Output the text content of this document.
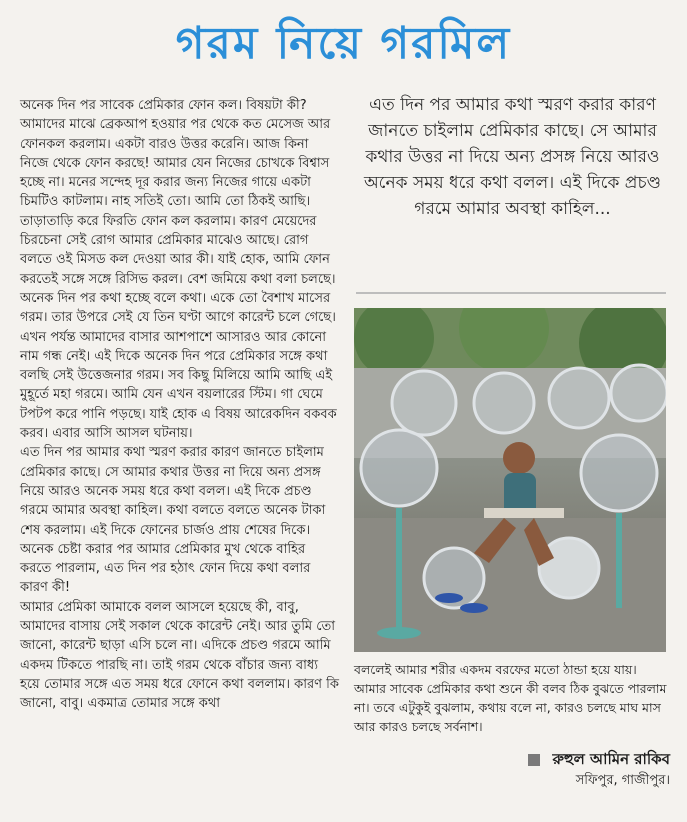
গরম নিয়ে গরমিল

অনেক দিন পর সাবেক প্রেমিকার ফোন কল। বিষয়টা কী? আমাদের মাঝে ব্রেকআপ হওয়ার পর থেকে কত মেসেজ আর ফোনকল করলাম। একটা বারও উত্তর করেনি। আজ কিনা নিজে থেকে ফোন করছে! আমার যেন নিজের চোখকে বিশ্বাস হচ্ছে না। মনের সন্দেহ দূর করার জন্য নিজের গায়ে একটা চিমটিও কাটলাম। নাহ সতিই তো। আমি তো ঠিকই আছি। তাড়াতাড়ি করে ফিরতি ফোন কল করলাম। কারণ মেয়েদের চিরচেনা সেই রোগ আমার প্রেমিকার মাঝেও আছে। রোগ বলতে ওই মিসড কল দেওয়া আর কী। যাই হোক, আমি ফোন করতেই সঙ্গে সঙ্গে রিসিভ করল। বেশ জমিয়ে কথা বলা চলছে। অনেক দিন পর কথা হচ্ছে বলে কথা। একে তো বৈশাখ মাসের গরম। তার উপরে সেই যে তিন ঘণ্টা আগে কারেন্ট চলে গেছে। এখন পর্যন্ত আমাদের বাসার আশপাশে আসারও আর কোনো নাম গন্ধ নেই। এই দিকে অনেক দিন পরে প্রেমিকার সঙ্গে কথা বলছি সেই উত্তেজনার গরম। সব কিছু মিলিয়ে আমি আছি এই মুহূর্তে মহা গরমে। আমি যেন এখন বয়লারের স্টিম। গা ঘেমে টপটপ করে পানি পড়ছে। যাই হোক এ বিষয় আরেকদিন বকবক করব। এবার আসি আসল ঘটনায়।

এত দিন পর আমার কথা স্মরণ করার কারণ জানতে চাইলাম প্রেমিকার কাছে। সে আমার কথার উত্তর না দিয়ে অন্য প্রসঙ্গ নিয়ে আরও অনেক সময় ধরে কথা বলল। এই দিকে প্রচণ্ড গরমে আমার অবস্থা কাহিল। কথা বলতে বলতে অনেক টাকা শেষ করলাম। এই দিকে ফোনের চার্জও প্রায় শেষের দিকে। অনেক চেষ্টা করার পর আমার প্রেমিকার মুখ থেকে বাহির করতে পারলাম, এত দিন পর হঠাৎ ফোন দিয়ে কথা বলার কারণ কী!

আমার প্রেমিকা আমাকে বলল আসলে হয়েছে কী, বাবু, আমাদের বাসায় সেই সকাল থেকে কারেন্ট নেই। আর তুমি তো জানো, কারেন্ট ছাড়া এসি চলে না। এদিকে প্রচণ্ড গরমে আমি একদম টিকতে পারছি না। তাই গরম থেকে বাঁচার জন্য বাধ্য হয়ে তোমার সঙ্গে এত সময় ধরে ফোনে কথা বললাম। কারণ কি জানো, বাবু। একমাত্র তোমার সঙ্গে কথা

এত দিন পর আমার কথা স্মরণ করার কারণ জানতে চাইলাম প্রেমিকার কাছে। সে আমার কথার উত্তর না দিয়ে অন্য প্রসঙ্গ নিয়ে আরও অনেক সময় ধরে কথা বলল। এই দিকে প্রচণ্ড গরমে আমার অবস্থা কাহিল...
বললেই আমার শরীর একদম বরফের মতো ঠান্ডা হয়ে যায়। আমার সাবেক প্রেমিকার কথা শুনে কী বলব ঠিক বুঝতে পারলাম না। তবে এটুকুই বুঝলাম, কথায় বলে না, কারও চলছে মাঘ মাস আর কারও চলছে সর্বনাশ।
রুহুল আমিন রাকিব
সফিপুর, গাজীপুর।
